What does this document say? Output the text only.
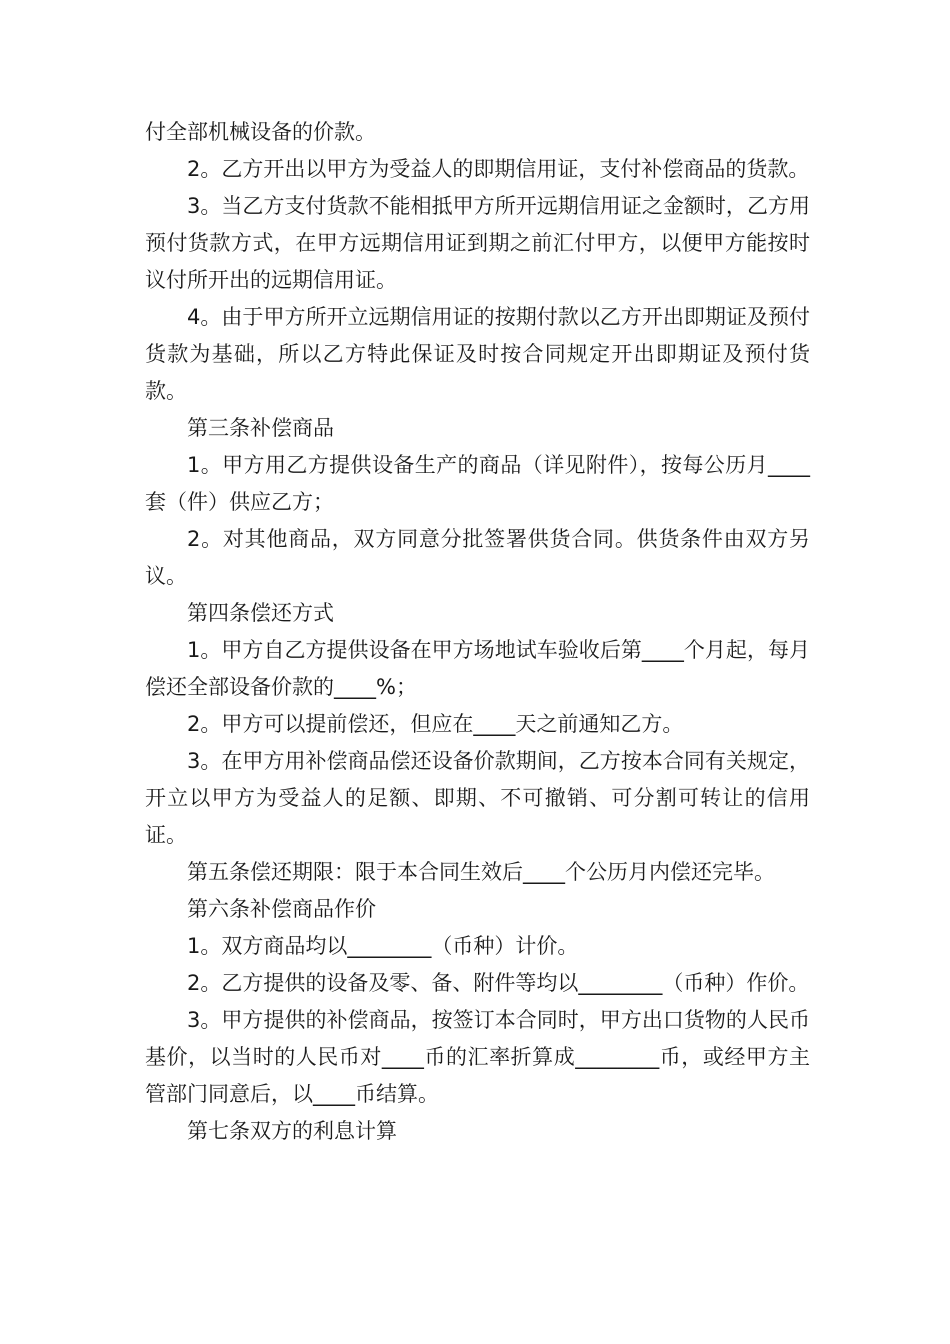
付全部机械设备的价款。

2。乙方开出以甲方为受益人的即期信用证，支付补偿商品的货款。

3。当乙方支付货款不能相抵甲方所开远期信用证之金额时，乙方用预付货款方式，在甲方远期信用证到期之前汇付甲方，以便甲方能按时议付所开出的远期信用证。

4。由于甲方所开立远期信用证的按期付款以乙方开出即期证及预付货款为基础，所以乙方特此保证及时按合同规定开出即期证及预付货款。

第三条补偿商品

1。甲方用乙方提供设备生产的商品（详见附件），按每公历月____套（件）供应乙方；

2。对其他商品，双方同意分批签署供货合同。供货条件由双方另议。

第四条偿还方式

1。甲方自乙方提供设备在甲方场地试车验收后第____个月起，每月偿还全部设备价款的____%；

2。甲方可以提前偿还，但应在____天之前通知乙方。

3。在甲方用补偿商品偿还设备价款期间，乙方按本合同有关规定，开立以甲方为受益人的足额、即期、不可撤销、可分割可转让的信用证。

第五条偿还期限：限于本合同生效后____个公历月内偿还完毕。

第六条补偿商品作价

1。双方商品均以________（币种）计价。

2。乙方提供的设备及零、备、附件等均以________（币种）作价。

3。甲方提供的补偿商品，按签订本合同时，甲方出口货物的人民币基价，以当时的人民币对____币的汇率折算成________币，或经甲方主管部门同意后，以____币结算。

第七条双方的利息计算
